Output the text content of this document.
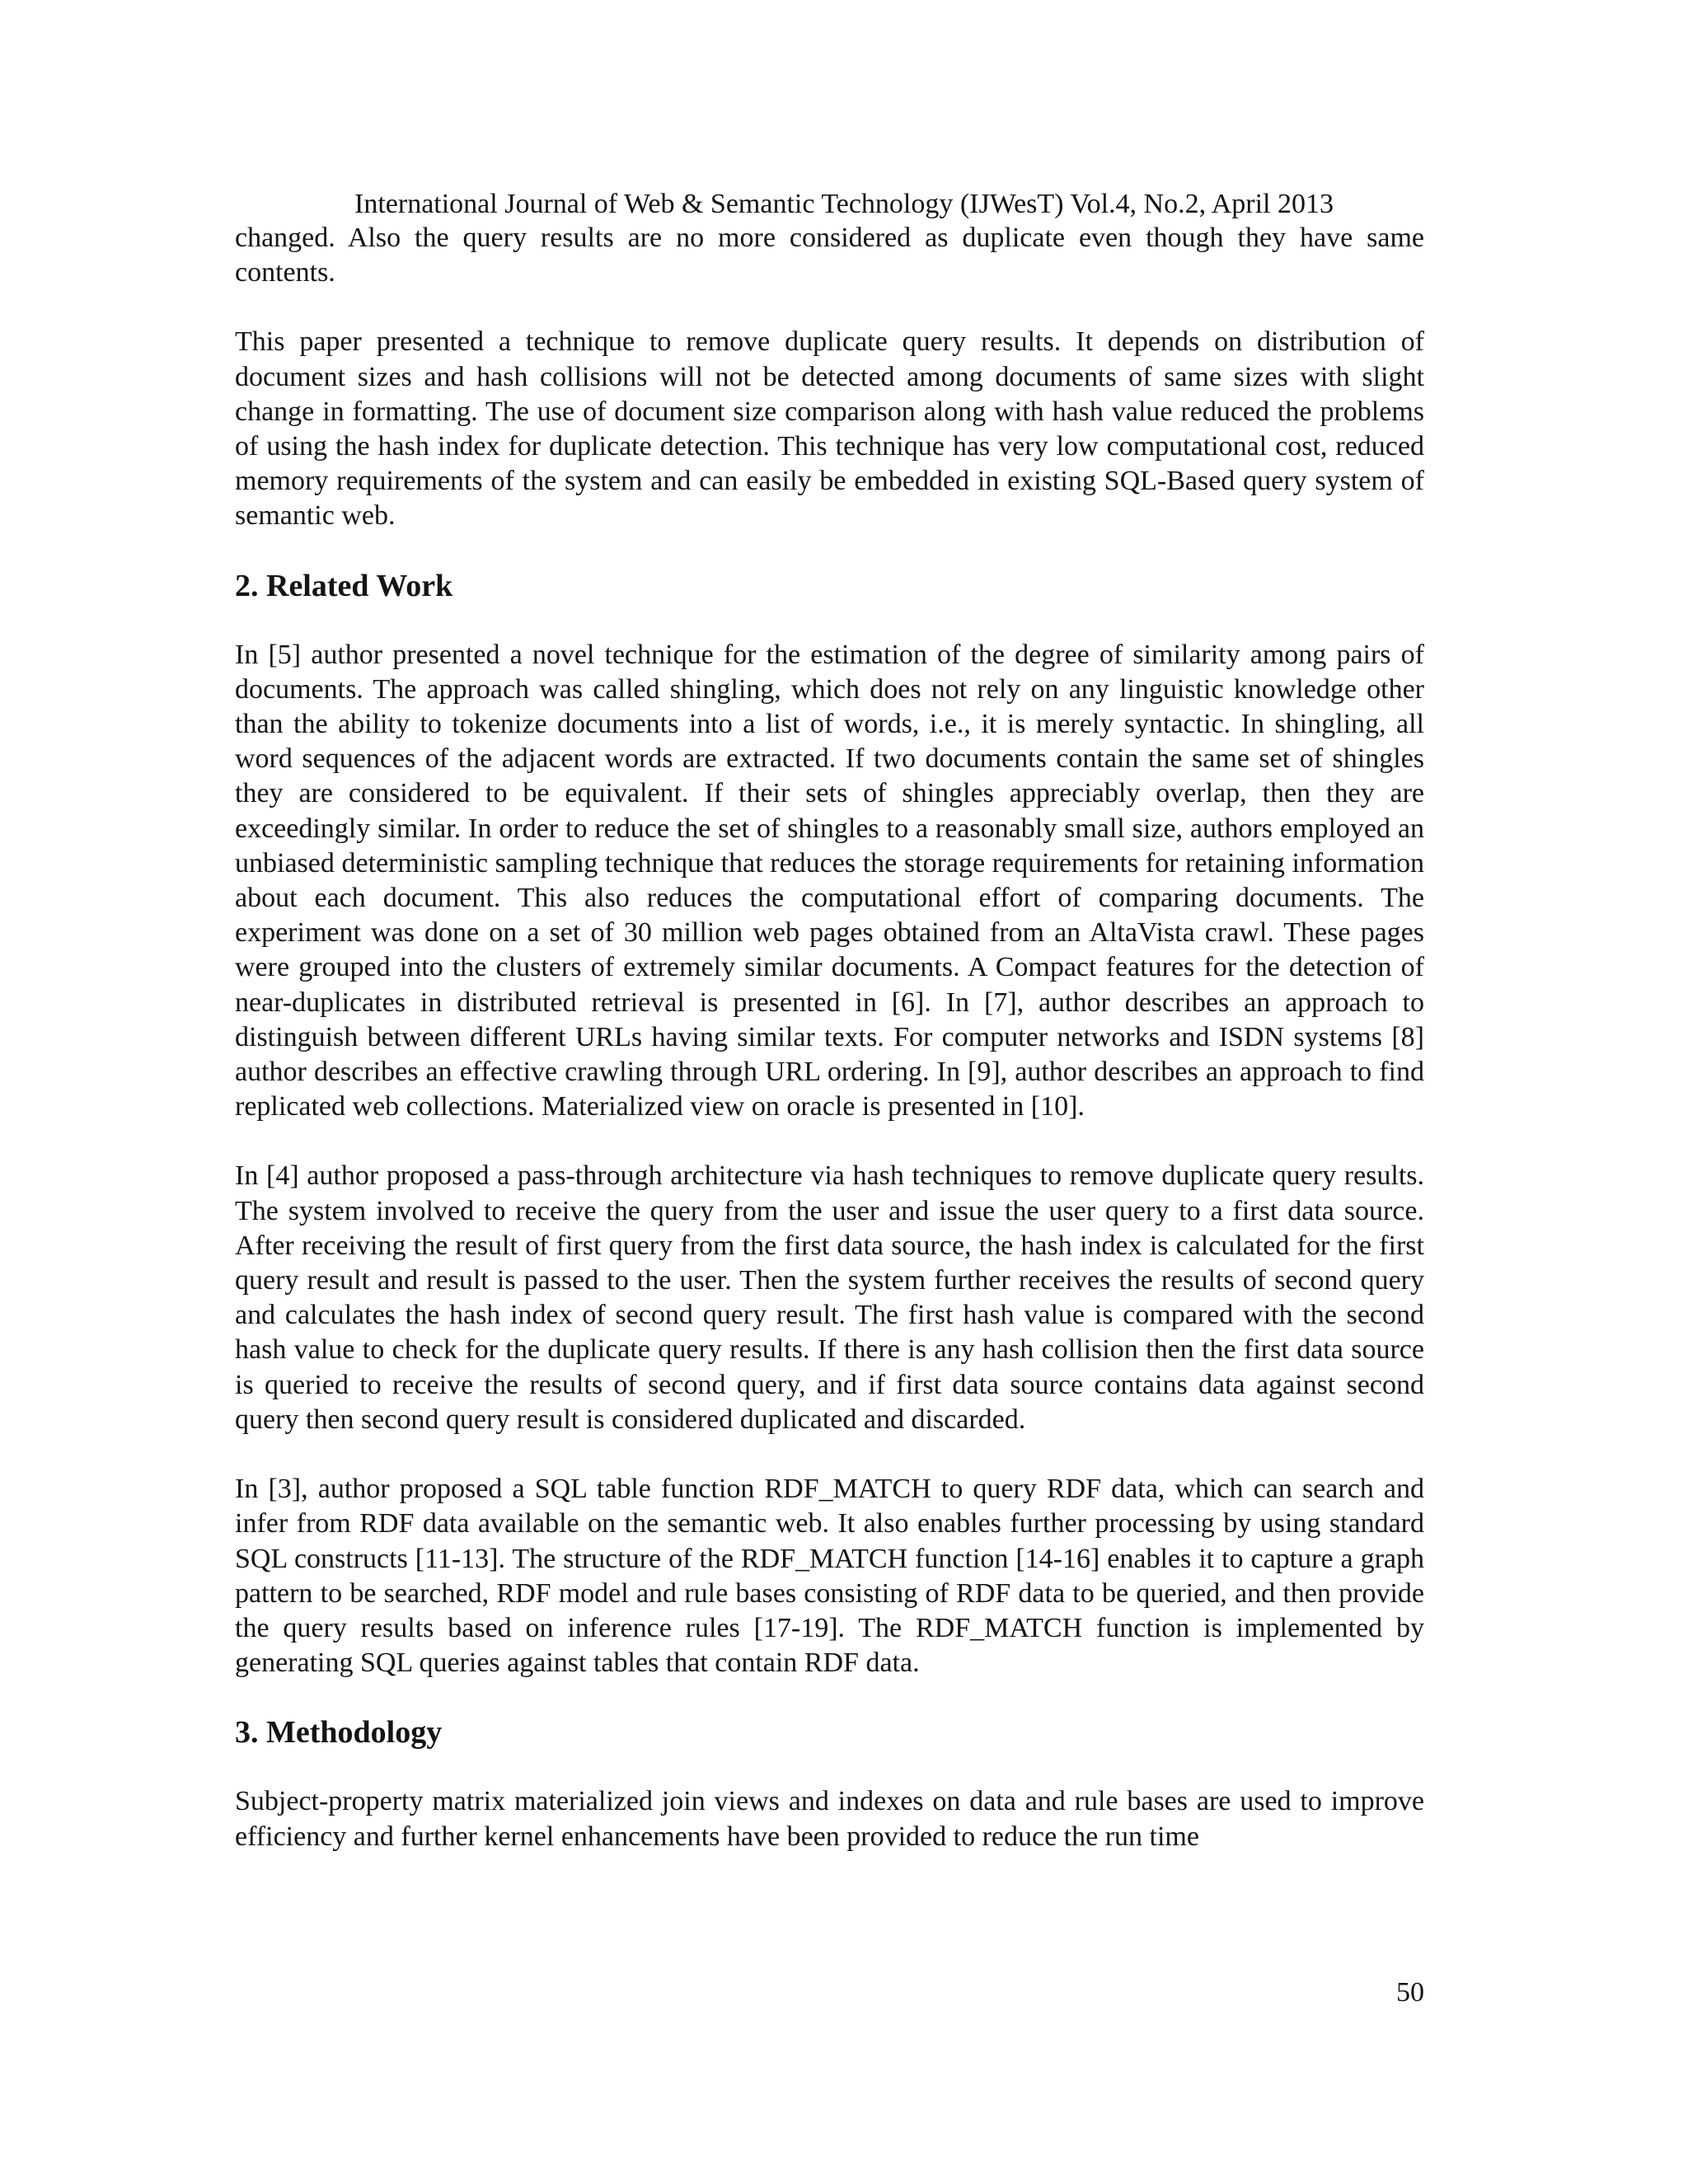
International Journal of Web & Semantic Technology (IJWesT) Vol.4, No.2, April 2013

changed. Also the query results are no more considered as duplicate even though they have same contents.

This paper presented a technique to remove duplicate query results. It depends on distribution of document sizes and hash collisions will not be detected among documents of same sizes with slight change in formatting. The use of document size comparison along with hash value reduced the problems of using the hash index for duplicate detection. This technique has very low computational cost, reduced memory requirements of the system and can easily be embedded in existing SQL-Based query system of semantic web.

2. Related Work

In [5] author presented a novel technique for the estimation of the degree of similarity among pairs of documents. The approach was called shingling, which does not rely on any linguistic knowledge other than the ability to tokenize documents into a list of words, i.e., it is merely syntactic. In shingling, all word sequences of the adjacent words are extracted. If two documents contain the same set of shingles they are considered to be equivalent. If their sets of shingles appreciably overlap, then they are exceedingly similar. In order to reduce the set of shingles to a reasonably small size, authors employed an unbiased deterministic sampling technique that reduces the storage requirements for retaining information about each document. This also reduces the computational effort of comparing documents. The experiment was done on a set of 30 million web pages obtained from an AltaVista crawl. These pages were grouped into the clusters of extremely similar documents. A Compact features for the detection of near-duplicates in distributed retrieval is presented in [6]. In [7], author describes an approach to distinguish between different URLs having similar texts. For computer networks and ISDN systems [8] author describes an effective crawling through URL ordering. In [9], author describes an approach to find replicated web collections. Materialized view on oracle is presented in [10].

In [4] author proposed a pass-through architecture via hash techniques to remove duplicate query results. The system involved to receive the query from the user and issue the user query to a first data source. After receiving the result of first query from the first data source, the hash index is calculated for the first query result and result is passed to the user. Then the system further receives the results of second query and calculates the hash index of second query result. The first hash value is compared with the second hash value to check for the duplicate query results. If there is any hash collision then the first data source is queried to receive the results of second query, and if first data source contains data against second query then second query result is considered duplicated and discarded.

In [3], author proposed a SQL table function RDF_MATCH to query RDF data, which can search and infer from RDF data available on the semantic web. It also enables further processing by using standard SQL constructs [11-13]. The structure of the RDF_MATCH function [14-16] enables it to capture a graph pattern to be searched, RDF model and rule bases consisting of RDF data to be queried, and then provide the query results based on inference rules [17-19]. The RDF_MATCH function is implemented by generating SQL queries against tables that contain RDF data.

3. Methodology

Subject-property matrix materialized join views and indexes on data and rule bases are used to improve efficiency and further kernel enhancements have been provided to reduce the run time

50
